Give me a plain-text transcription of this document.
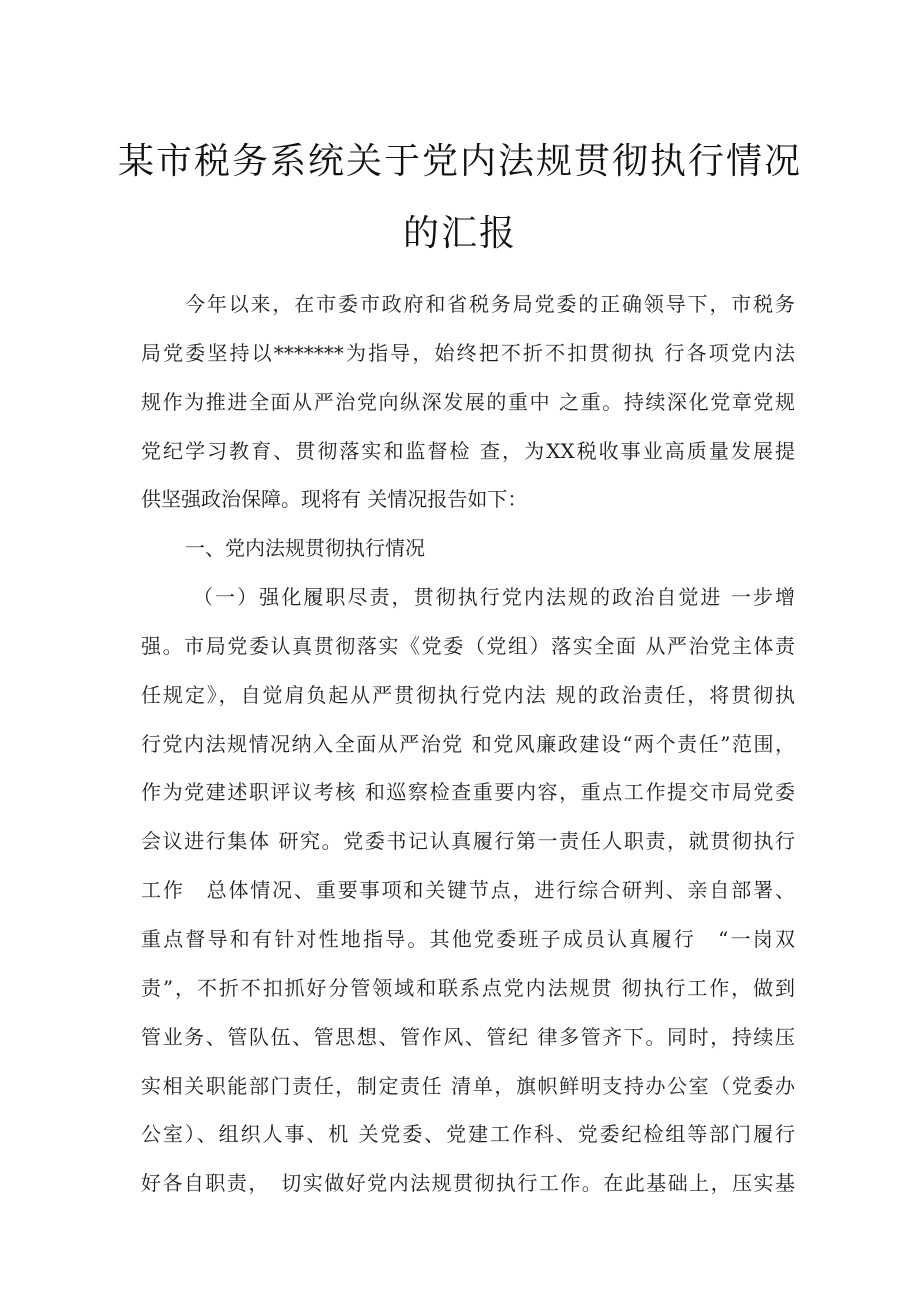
某市税务系统关于党内法规贯彻执行情况
的汇报
今年以来，在市委市政府和省税务局党委的正确领导下，市税务
局党委坚持以*******为指导，始终把不折不扣贯彻执 行各项党内法
规作为推进全面从严治党向纵深发展的重中 之重。持续深化党章党规
党纪学习教育、贯彻落实和监督检 查，为XX税收事业高质量发展提
供坚强政治保障。现将有 关情况报告如下：
一、党内法规贯彻执行情况
（一）强化履职尽责，贯彻执行党内法规的政治自觉进 一步增
强。市局党委认真贯彻落实《党委（党组）落实全面 从严治党主体责
任规定》，自觉肩负起从严贯彻执行党内法 规的政治责任，将贯彻执
行党内法规情况纳入全面从严治党 和党风廉政建设“两个责任”范围，
作为党建述职评议考核 和巡察检查重要内容，重点工作提交市局党委
会议进行集体 研究。党委书记认真履行第一责任人职责，就贯彻执行
工作　总体情况、重要事项和关键节点，进行综合研判、亲自部署、
重点督导和有针对性地指导。其他党委班子成员认真履行　“一岗双
责”，不折不扣抓好分管领域和联系点党内法规贯 彻执行工作，做到
管业务、管队伍、管思想、管作风、管纪 律多管齐下。同时，持续压
实相关职能部门责任，制定责任 清单，旗帜鲜明支持办公室（党委办
公室）、组织人事、机 关党委、党建工作科、党委纪检组等部门履行
好各自职责，　切实做好党内法规贯彻执行工作。在此基础上，压实基
